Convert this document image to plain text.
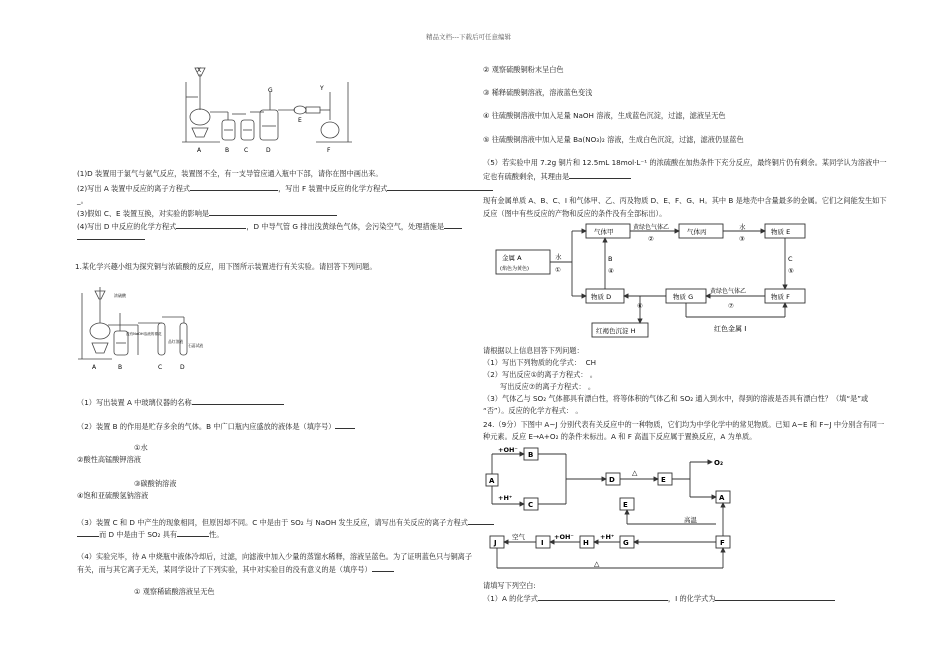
精品文档---下载后可任意编辑
X
A	B C	D
G
E
Y
F
(1)D 装置用于氯气与氨气反应，装置图不全，有一支导管应通入瓶中下部，请你在图中画出来。
(2)写出 A 装置中反应的离子方程式	，写出 F 装置中反应的化学方程式
_。
(3)假如 C、E 装置互换，对实验的影响是
(4)写出 D 中反应的化学方程式	，D 中导气管 G 排出浅黄绿色气体，会污染空气，处理措施是
1.某化学兴趣小组为探究铜与浓硫酸的反应，用下图所示装置进行有关实验。请回答下列问题。
浓硫酸
浸有NaOH溶液的棉花
品红溶液
石蕊试液
A	B	C	D
（1）写出装置 A 中玻璃仪器的名称
（2）装置 B 的作用是贮存多余的气体。B 中广口瓶内应盛放的液体是（填序号）
①水
②酸性高锰酸钾溶液
③碳酸钠溶液
④饱和亚硫酸氢钠溶液
（3）装置 C 和 D 中产生的现象相同，但原因却不同。C 中是由于 SO₂ 与 NaOH 发生反应，请写出有关反应的离子方程式
而 D 中是由于 SO₂ 具有	性。
（4）实验完毕，待 A 中烧瓶中液体冷却后，过滤，向滤液中加入少量的蒸馏水稀释，溶液呈蓝色。为了证明蓝色只与铜离子
有关，而与其它离子无关，某同学设计了下列实验，其中对实验目的没有意义的是（填序号）
① 观察稀硫酸溶液呈无色
② 观察硫酸铜粉末呈白色
③ 稀释硫酸铜溶液，溶液蓝色变浅
④ 往硫酸铜溶液中加入足量 NaOH 溶液，生成蓝色沉淀，过滤，滤液呈无色
⑤ 往硫酸铜溶液中加入足量 Ba(NO₃)₂ 溶液，生成白色沉淀，过滤，滤液仍显蓝色
（5）若实验中用 7.2g 铜片和 12.5mL 18mol·L⁻¹ 的浓硫酸在加热条件下充分反应，最终铜片仍有剩余。某同学认为溶液中一
定也有硫酸剩余，其理由是
现有金属单质 A、B、C、I 和气体甲、乙、丙及物质 D、E、F、G、H。其中 B 是地壳中含量最多的金属。它们之间能发生如下
反应（图中有些反应的产物和反应的条件没有全部标出）。
金属 A
(焰色为黄色)
水
①
气体甲
黄绿色气体乙
②
气体丙
水
③
物质 E
B
④
C
⑤
物质 D
⑥
物质 G
黄绿色气体乙
⑦
物质 F
红褐色沉淀 H	红色金属 I
请根据以上信息回答下列问题：
（1）写出下列物质的化学式： CH
（2）写出反应①的离子方程式： 。
写出反应⑦的离子方程式： 。
（3）气体乙与 SO₂ 气体都具有漂白性，将等体积的气体乙和 SO₂ 通入到水中，得到的溶液是否具有漂白性？（填“是”或
“否”）。反应的化学方程式： 。
24.（9分）下图中 A~J 分别代表有关反应中的一种物质，它们均为中学化学中的常见物质。已知 A~E 和 F~J 中分别含有同一
种元素。反应 E→A+O₂ 的条件未标出。A 和 F 高温下反应属于置换反应，A 为单质。
A
B
C
D	E
A
E
F
G
H
I
J
+OH⁻
+H⁺
△
O₂
高温
+H⁺
+OH⁻
空气
△
请填写下列空白:
（1）A 的化学式	，I 的化学式为
